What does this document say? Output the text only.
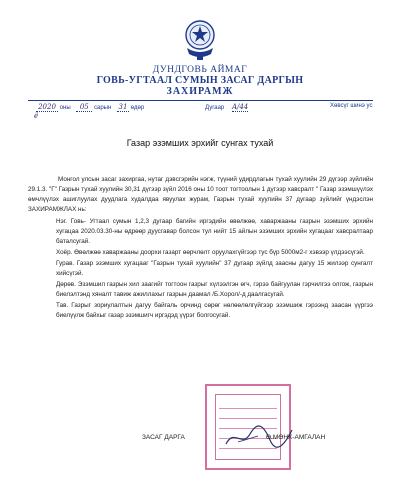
ДУНДГОВЬ АЙМАГ
ГОВЬ-УГТААЛ СУМЫН ЗАСАГ ДАРГЫН
ЗАХИРАМЖ
2020 оны 05 сарын 31 өдөр	Дугаар A/44	Хөвсүг шинэ ус
ё
Газар эзэмших эрхийг сунгах тухай

Монгол улсын засаг захиргаа, нутаг дэвсгэрийн нэгж, түүний удирдлагын тухай хуулийн 29 дүгээр зүйлийн 29.1.3. "Г" Газрын тухай хуулийн 30,31 дүгээр зүйл 2016 оны 10 тоот тогтоолын 1 дүгээр хавсралт " Газар эзэмшүүлэх өмчлүүлэх ашиглуулах дуудлага худалдаа явуулах журам, Газрын тухай хуулийн 37 дугаар зүйлийг үндэслэн ЗАХИРАМЖЛАХ нь:

Нэг. Говь- Угтаал сумын 1,2,3 дугаар багийн иргэдийн өвөлжөө, хаваржааны газрын эзэмших эрхийн хугацаа 2020.03.30-ны өдрөөр дуусгавар болсон тул нийт 15 айлын эзэмших эрхийн хугацааг хавсралтаар баталсугай.

Хоёр. Өвөлжөө хаваржааны доорхи газарт өөрчлөлт оруулахгүйгээр тус бүр 5000м2-г хэвээр үлдээсүгэй.

Гурав. Газар эзэмших хугацааг "Газрын тухай хуулийн" 37 дугаар зүйлд заасны дагуу 15 жилээр сунгалт хийсүгэй.

Дөрөв. Эзэмшил газрын хил заагийг тогтоон газрыг хүлээлгэн өгч, гэрээ байгуулан гэрчилгээ олгож, газрын биелэлтэнд хяналт тавиж ажиллахыг газрын даамал /Б.Хорол/-д даалгасугай.

Тав. Газрыг зориулалтын дагуу байгаль орчинд сөрөг нөлөөлөлгүйгээр эзэмшиж гэрээнд заасан үүргээ биелүүлж байхыг газар эзэмшигч иргэдэд үүрэг болгосугай.

ЗАСАГ ДАРГА	Ө.МӨНХ-АМГАЛАН
